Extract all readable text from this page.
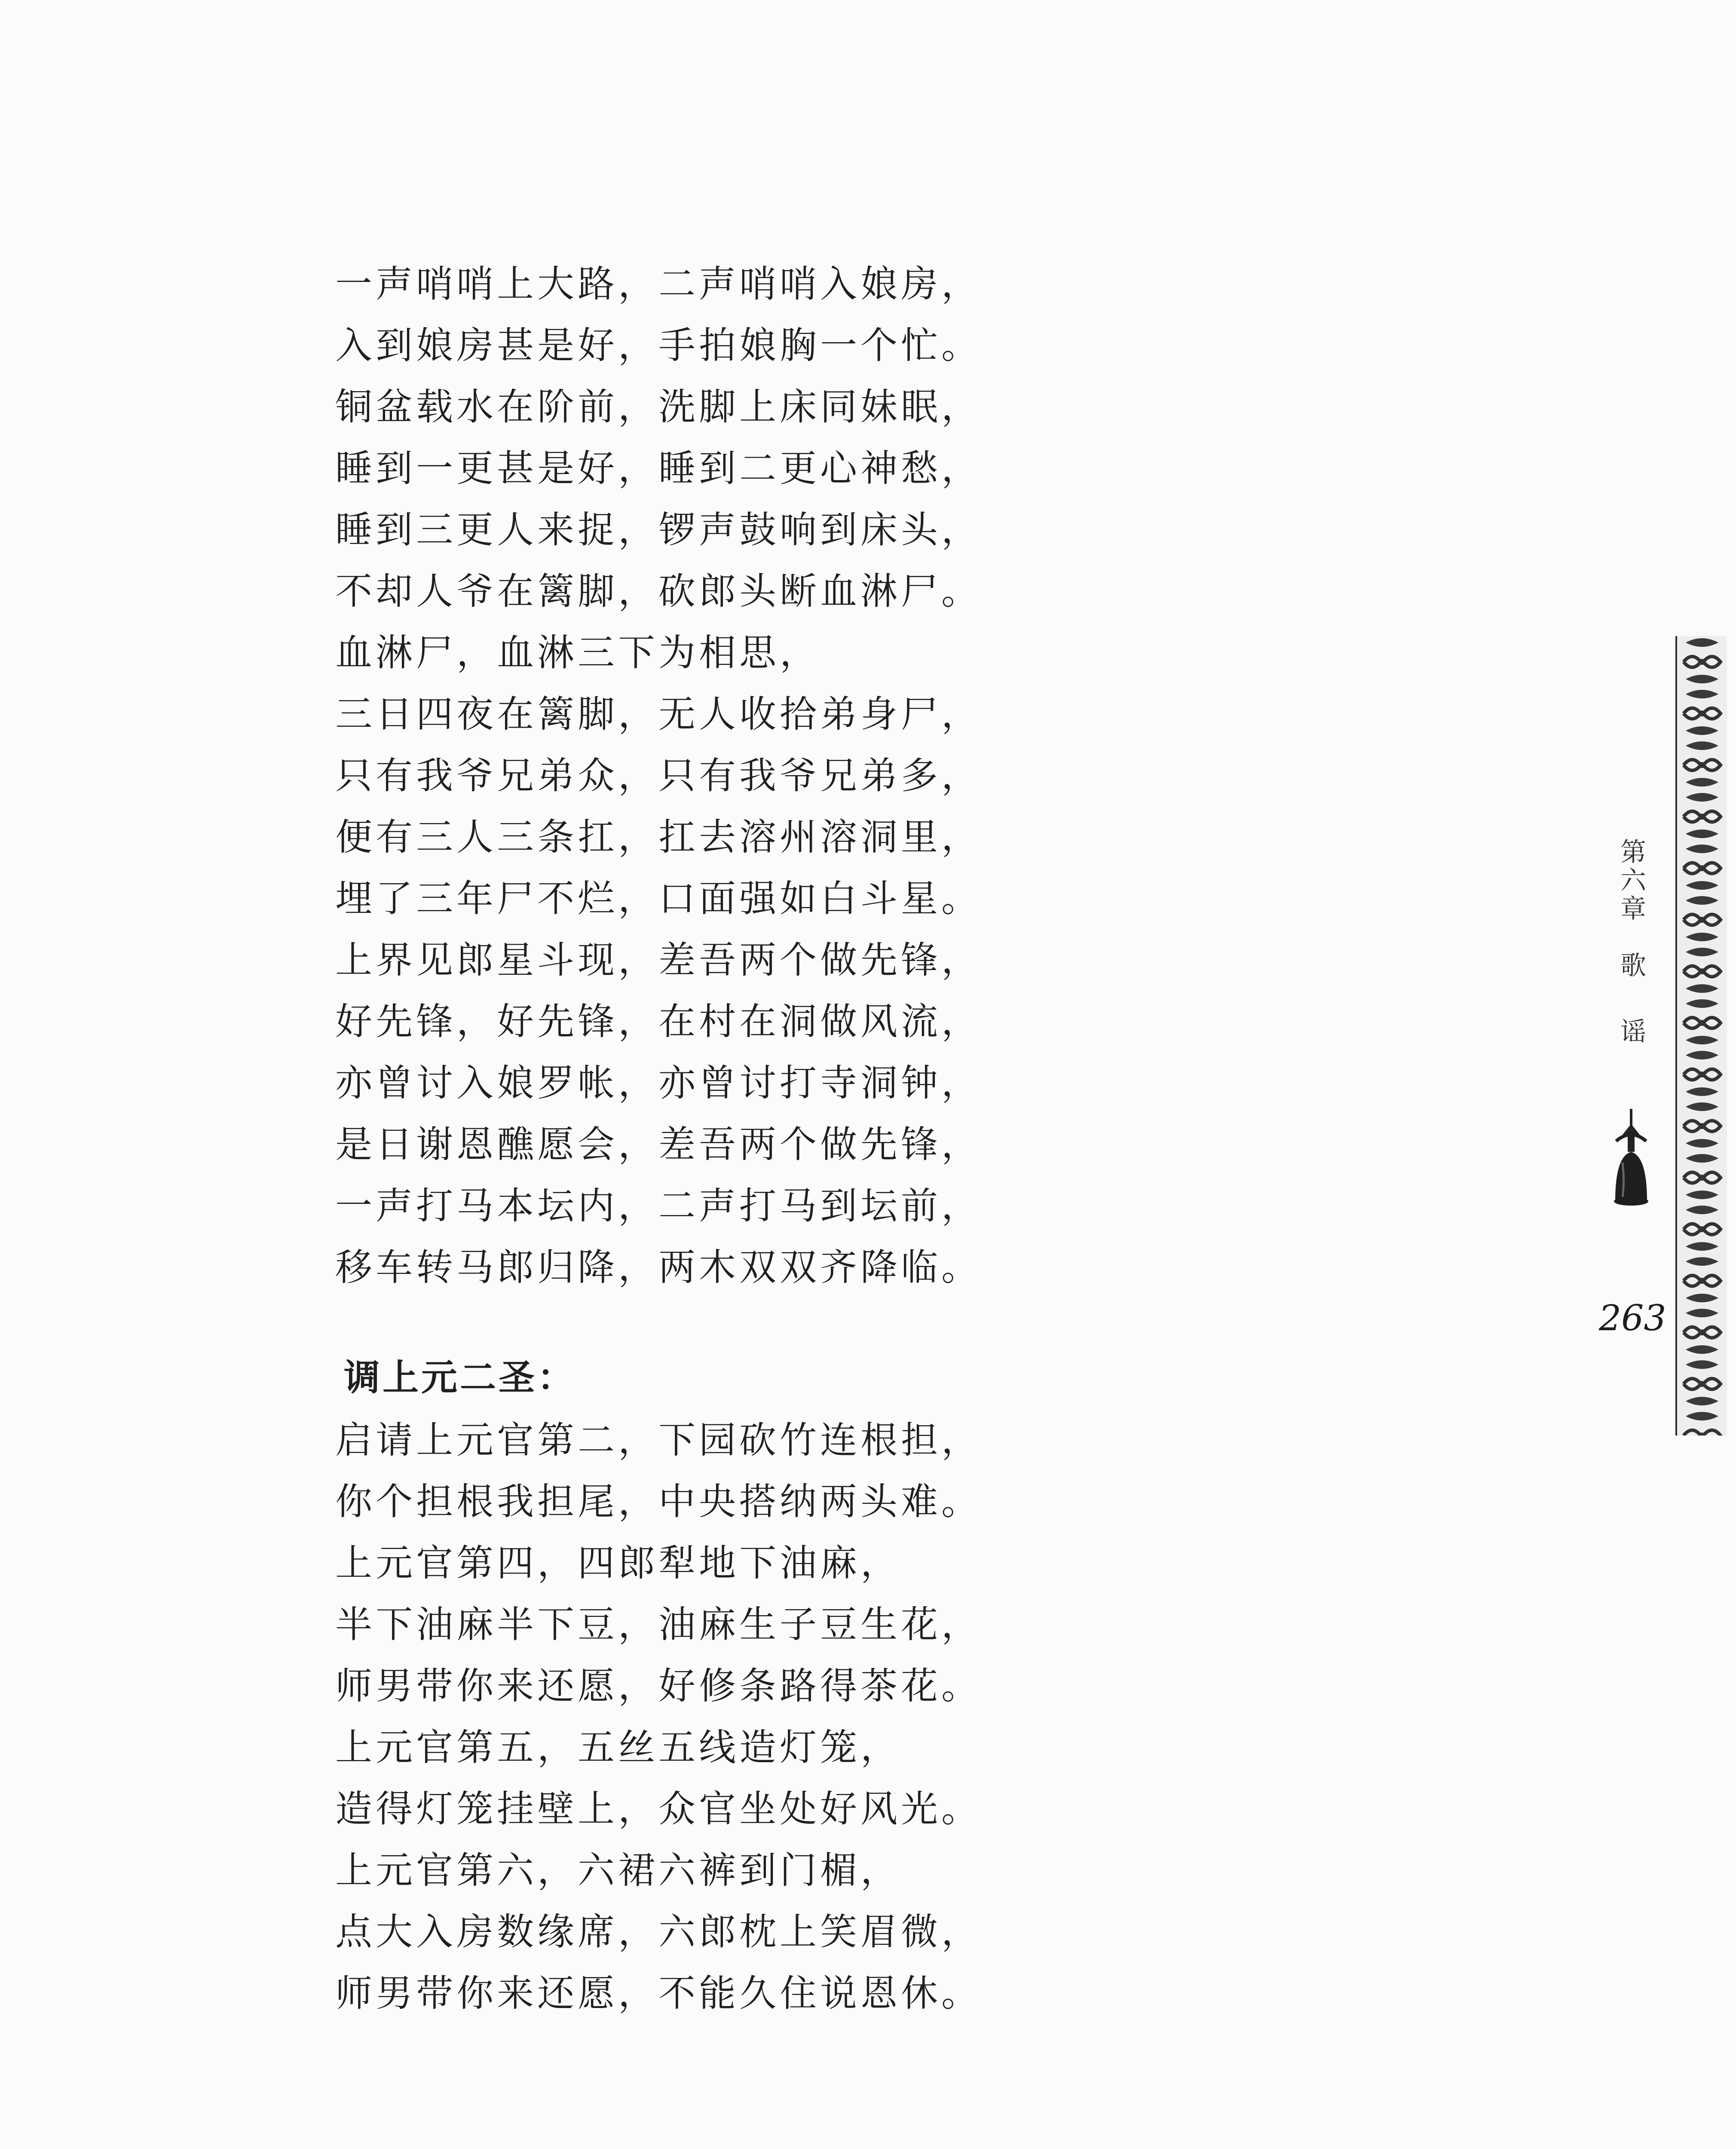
一声哨哨上大路，二声哨哨入娘房，
入到娘房甚是好，手拍娘胸一个忙。
铜盆载水在阶前，洗脚上床同妹眠，
睡到一更甚是好，睡到二更心神愁，
睡到三更人来捉，锣声鼓响到床头，
不却人爷在篱脚，砍郎头断血淋尸。
血淋尸，血淋三下为相思，
三日四夜在篱脚，无人收拾弟身尸，
只有我爷兄弟众，只有我爷兄弟多，
便有三人三条扛，扛去溶州溶洞里，
埋了三年尸不烂，口面强如白斗星。
上界见郎星斗现，差吾两个做先锋，
好先锋，好先锋，在村在洞做风流，
亦曾讨入娘罗帐，亦曾讨打寺洞钟，
是日谢恩醮愿会，差吾两个做先锋，
一声打马本坛内，二声打马到坛前，
移车转马郎归降，两木双双齐降临。
调上元二圣：
启请上元官第二，下园砍竹连根担，
你个担根我担尾，中央搭纳两头难。
上元官第四，四郎犁地下油麻，
半下油麻半下豆，油麻生子豆生花，
师男带你来还愿，好修条路得茶花。
上元官第五，五丝五线造灯笼，
造得灯笼挂壁上，众官坐处好风光。
上元官第六，六裙六裤到门楣，
点大入房数缘席，六郎枕上笑眉微，
师男带你来还愿，不能久住说恩休。
第
六
章
歌
谣
263
